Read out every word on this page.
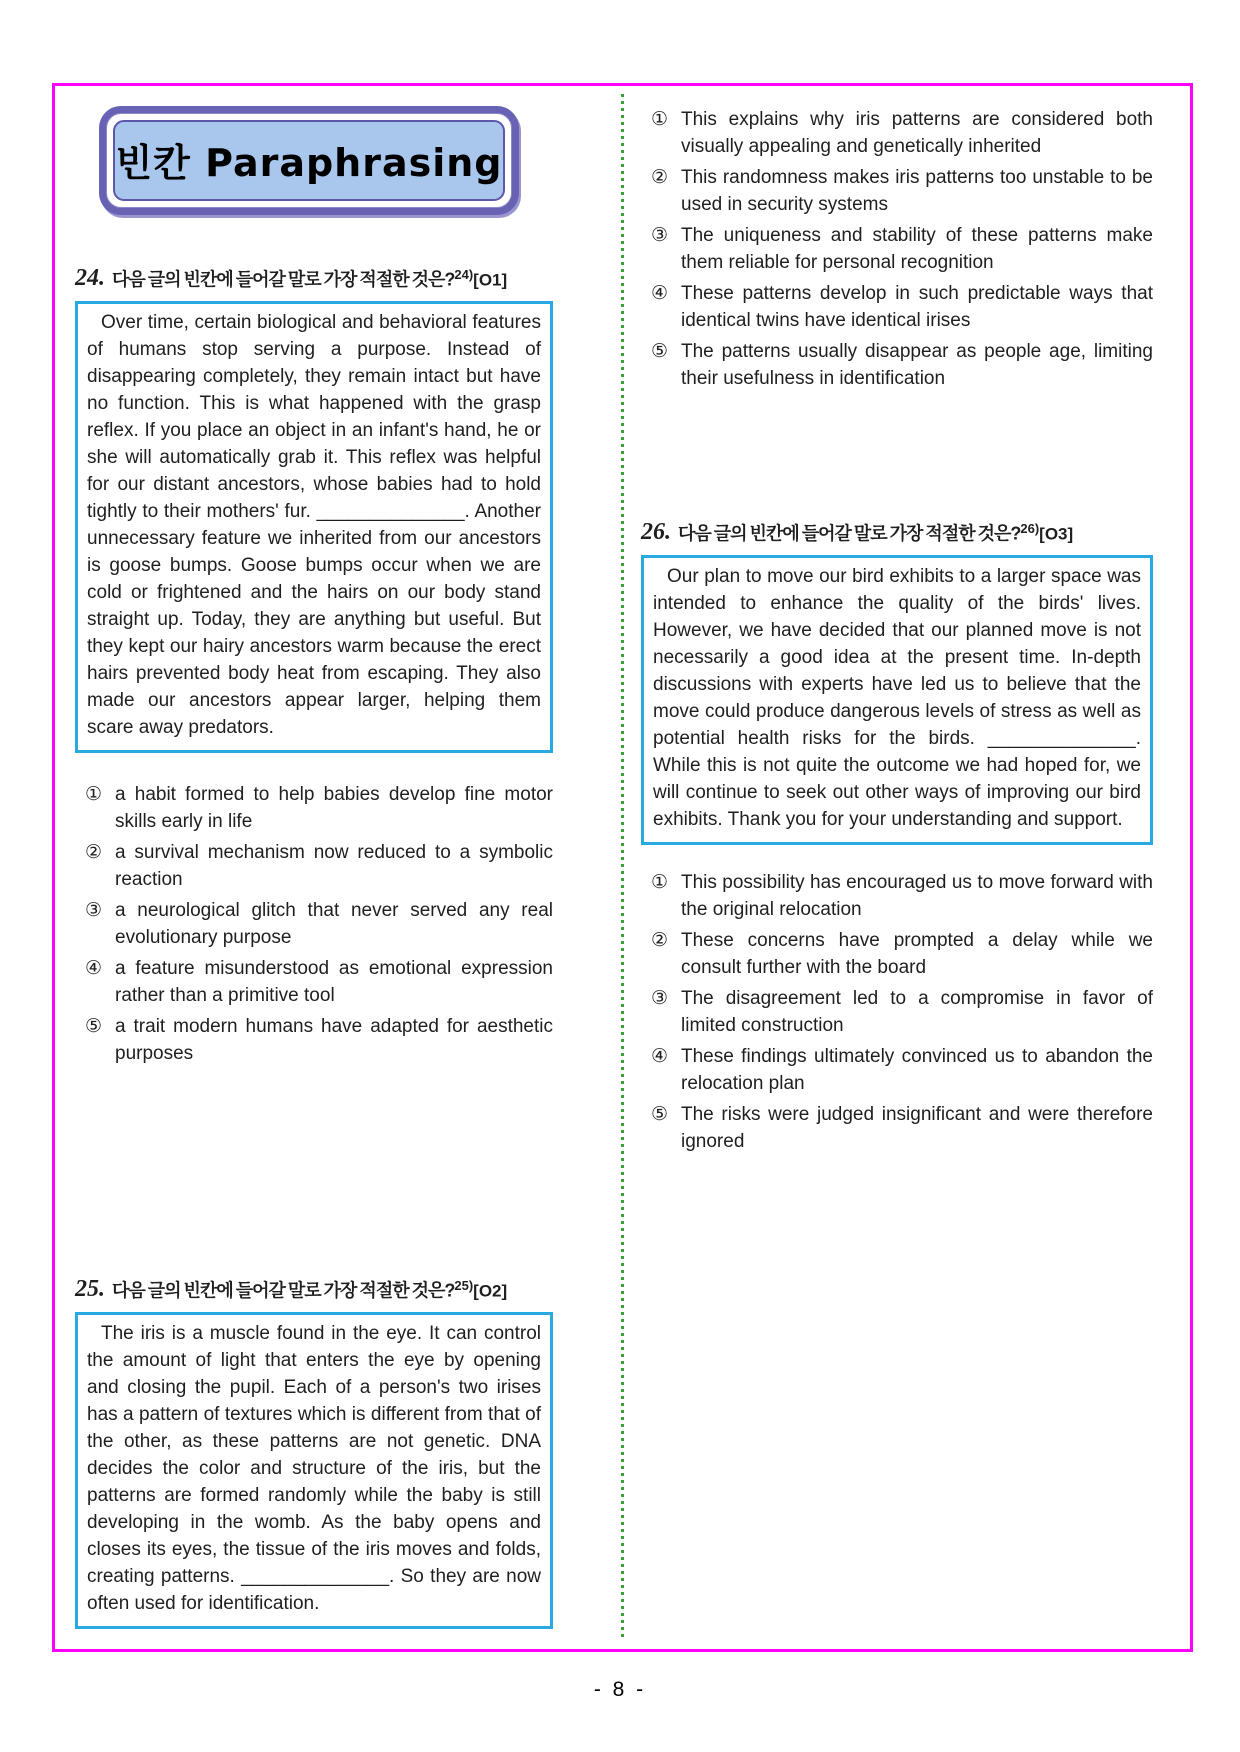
빈칸 Paraphrasing
24. 다음 글의 빈칸에 들어갈 말로 가장 적절한 것은?$^{24)}$[O1]

Over time, certain biological and behavioral features of humans stop serving a purpose. Instead of disappearing completely, they remain intact but have no function. This is what happened with the grasp reflex. If you place an object in an infant's hand, he or she will automatically grab it. This reflex was helpful for our distant ancestors, whose babies had to hold tightly to their mothers' fur. ______________. Another unnecessary feature we inherited from our ancestors is goose bumps. Goose bumps occur when we are cold or frightened and the hairs on our body stand straight up. Today, they are anything but useful. But they kept our hairy ancestors warm because the erect hairs prevented body heat from escaping. They also made our ancestors appear larger, helping them scare away predators.

① a habit formed to help babies develop fine motor skills early in life
② a survival mechanism now reduced to a symbolic reaction
③ a neurological glitch that never served any real evolutionary purpose
④ a feature misunderstood as emotional expression rather than a primitive tool
⑤ a trait modern humans have adapted for aesthetic purposes
25. 다음 글의 빈칸에 들어갈 말로 가장 적절한 것은?$^{25)}$[O2]

The iris is a muscle found in the eye. It can control the amount of light that enters the eye by opening and closing the pupil. Each of a person's two irises has a pattern of textures which is different from that of the other, as these patterns are not genetic. DNA decides the color and structure of the iris, but the patterns are formed randomly while the baby is still developing in the womb. As the baby opens and closes its eyes, the tissue of the iris moves and folds, creating patterns. ______________. So they are now often used for identification.

① This explains why iris patterns are considered both visually appealing and genetically inherited
② This randomness makes iris patterns too unstable to be used in security systems
③ The uniqueness and stability of these patterns make them reliable for personal recognition
④ These patterns develop in such predictable ways that identical twins have identical irises
⑤ The patterns usually disappear as people age, limiting their usefulness in identification
26. 다음 글의 빈칸에 들어갈 말로 가장 적절한 것은?$^{26)}$[O3]

Our plan to move our bird exhibits to a larger space was intended to enhance the quality of the birds' lives. However, we have decided that our planned move is not necessarily a good idea at the present time. In-depth discussions with experts have led us to believe that the move could produce dangerous levels of stress as well as potential health risks for the birds. ______________. While this is not quite the outcome we had hoped for, we will continue to seek out other ways of improving our bird exhibits. Thank you for your understanding and support.

① This possibility has encouraged us to move forward with the original relocation
② These concerns have prompted a delay while we consult further with the board
③ The disagreement led to a compromise in favor of limited construction
④ These findings ultimately convinced us to abandon the relocation plan
⑤ The risks were judged insignificant and were therefore ignored
- 8 -
